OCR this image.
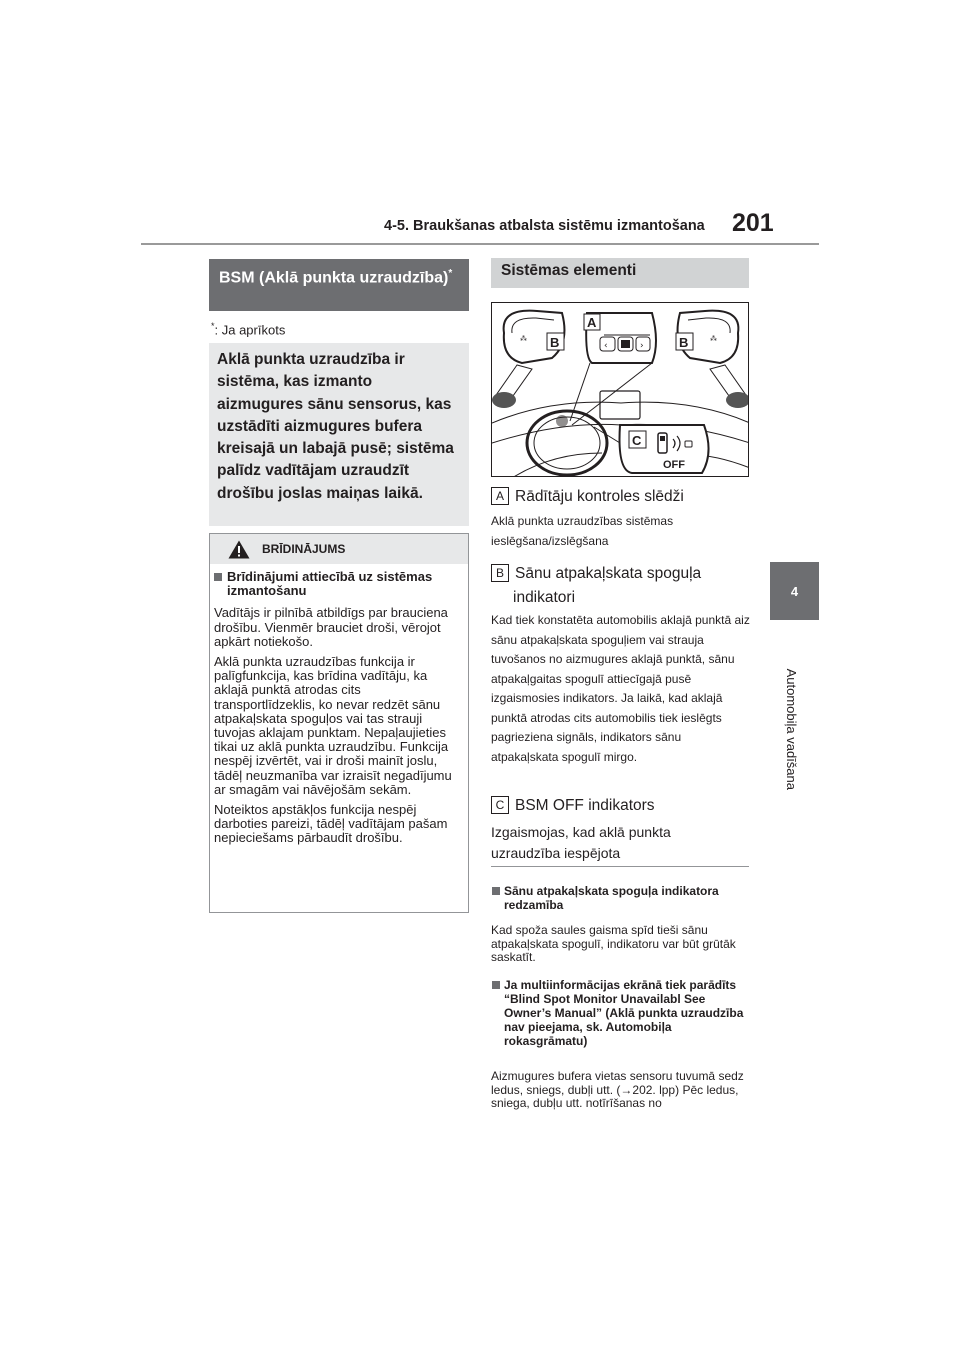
4-5. Braukšanas atbalsta sistēmu izmantošana 201
4
Automobiļa vadīšana
BSM (Aklā punkta uzraudzība)*
*: Ja aprīkots
Aklā punkta uzraudzība ir sistēma, kas izmanto aizmugures sānu sensorus, kas uzstādīti aizmugures bufera kreisajā un labajā pusē; sistēma palīdz vadītājam uzraudzīt drošību joslas maiņas laikā.
BRĪDINĀJUMS
Brīdinājumi attiecībā uz sistēmas izmantošanu

Vadītājs ir pilnībā atbildīgs par brauciena drošību. Vienmēr brauciet droši, vērojot apkārt notiekošo.

Aklā punkta uzraudzības funkcija ir palīgfunkcija, kas brīdina vadītāju, ka aklajā punktā atrodas cits transportlīdzeklis, ko nevar redzēt sānu atpakaļskata spoguļos vai tas strauji tuvojas aklajam punktam. Nepaļaujieties tikai uz aklā punkta uzraudzību. Funkcija nespēj izvērtēt, vai ir droši mainīt joslu, tādēļ neuzmanība var izraisīt negadījumu ar smagām vai nāvējošām sekām.

Noteiktos apstākļos funkcija nespēj darboties pareizi, tādēļ vadītājam pašam nepieciešams pārbaudīt drošību.

Sistēmas elementi
⁂	⁂
‹	›
A
B	B
OFF
C
A Rādītāju kontroles slēdži
Aklā punkta uzraudzības sistēmas ieslēgšana/izslēgšana
B Sānu atpakaļskata spoguļa
indikatori
Kad tiek konstatēta automobilis aklajā punktā aiz sānu atpakaļskata spoguļiem vai strauja tuvošanos no aizmugures aklajā punktā, sānu atpakaļgaitas spogulī attiecīgajā pusē izgaismosies indikators. Ja laikā, kad aklajā punktā atrodas cits automobilis tiek ieslēgts pagrieziena signāls, indikators sānu atpakaļskata spogulī mirgo.
C BSM OFF indikators
Izgaismojas, kad aklā punkta uzraudzība iespējota
Sānu atpakaļskata spoguļa indikatora redzamība
Kad spoža saules gaisma spīd tieši sānu atpakaļskata spogulī, indikatoru var būt grūtāk saskatīt.
Ja multiinformācijas ekrānā tiek parādīts “Blind Spot Monitor Unavailabl See Owner’s Manual” (Aklā punkta uzraudzība nav pieejama, sk. Automobiļa rokasgrāmatu)
Aizmugures bufera vietas sensoru tuvumā sedz ledus, sniegs, dubļi utt. (→202. lpp) Pēc ledus, sniega, dubļu utt. notīrīšanas no
